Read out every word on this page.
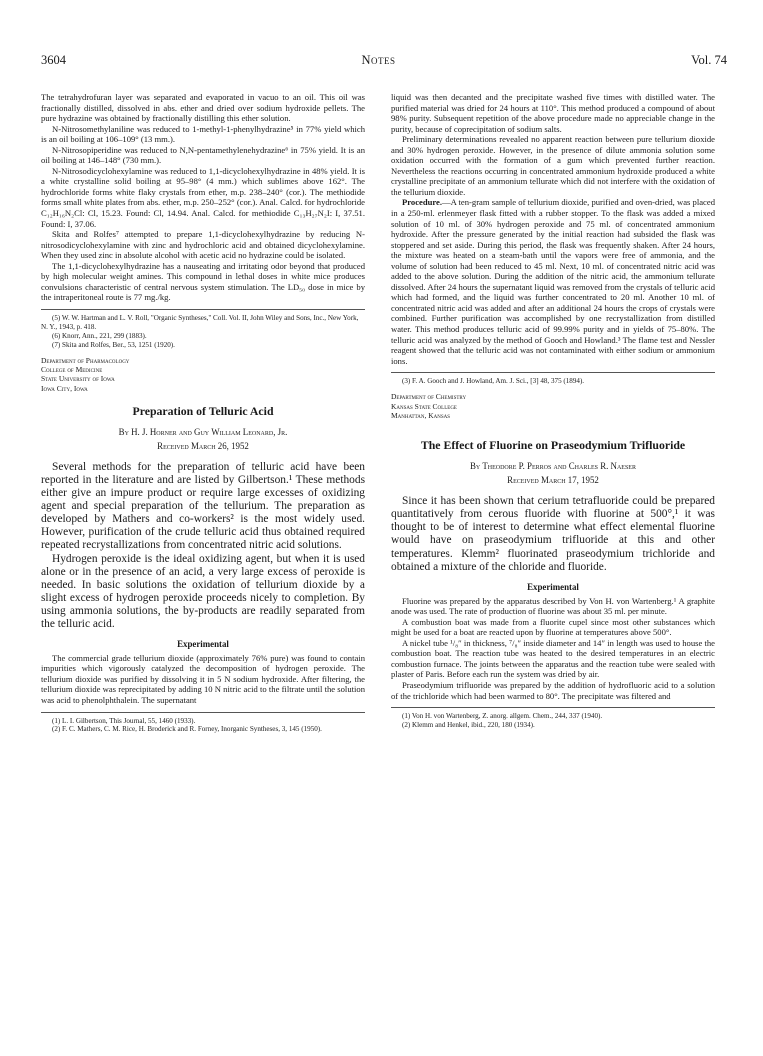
3604	Notes	Vol. 74

The tetrahydrofuran layer was separated and evaporated in vacuo to an oil. This oil was fractionally distilled, dissolved in abs. ether and dried over sodium hydroxide pellets. The pure hydrazine was obtained by fractionally distilling this ether solution.

N-Nitrosomethylaniline was reduced to 1-methyl-1-phenylhydrazine⁵ in 77% yield which is an oil boiling at 106–109° (13 mm.).

N-Nitrosopiperidine was reduced to N,N-pentamethylenehydrazine⁶ in 75% yield. It is an oil boiling at 146–148° (730 mm.).

N-Nitrosodicyclohexylamine was reduced to 1,1-dicyclohexylhydrazine in 48% yield. It is a white crystalline solid boiling at 95–98° (4 mm.) which sublimes above 162°. The hydrochloride forms white flaky crystals from ether, m.p. 238–240° (cor.). The methiodide forms small white plates from abs. ether, m.p. 250–252° (cor.). Anal. Calcd. for hydrochloride C₁₂H₁₆N₂Cl: Cl, 15.23. Found: Cl, 14.94. Anal. Calcd. for methiodide C₁₃H₂₇N₂I: I, 37.51. Found: I, 37.06.

Skita and Rolfes⁷ attempted to prepare 1,1-dicyclohexylhydrazine by reducing N-nitrosodicyclohexylamine with zinc and hydrochloric acid and obtained dicyclohexylamine. When they used zinc in absolute alcohol with acetic acid no hydrazine could be isolated.

The 1,1-dicyclohexylhydrazine has a nauseating and irritating odor beyond that produced by high molecular weight amines. This compound in lethal doses in white mice produces convulsions characteristic of central nervous system stimulation. The LD₅₀ dose in mice by the intraperitoneal route is 77 mg./kg.

(5) W. W. Hartman and L. V. Roll, "Organic Syntheses," Coll. Vol. II, John Wiley and Sons, Inc., New York, N. Y., 1943, p. 418.

(6) Knorr, Ann., 221, 299 (1883).

(7) Skita and Rolfes, Ber., 53, 1251 (1920).

Department of Pharmacology
College of Medicine
State University of Iowa
Iowa City, Iowa
Preparation of Telluric Acid
By H. J. Horner and Guy William Leonard, Jr.
Received March 26, 1952

Several methods for the preparation of telluric acid have been reported in the literature and are listed by Gilbertson.¹ These methods either give an impure product or require large excesses of oxidizing agent and special preparation of the tellurium. The preparation as developed by Mathers and co-workers² is the most widely used. However, purification of the crude telluric acid thus obtained required repeated recrystallizations from concentrated nitric acid solutions.

Hydrogen peroxide is the ideal oxidizing agent, but when it is used alone or in the presence of an acid, a very large excess of peroxide is needed. In basic solutions the oxidation of tellurium dioxide by a slight excess of hydrogen peroxide proceeds nicely to completion. By using ammonia solutions, the by-products are readily separated from the telluric acid.

Experimental

The commercial grade tellurium dioxide (approximately 76% pure) was found to contain impurities which vigorously catalyzed the decomposition of hydrogen peroxide. The tellurium dioxide was purified by dissolving it in 5 N sodium hydroxide. After filtering, the tellurium dioxide was reprecipitated by adding 10 N nitric acid to the filtrate until the solution was acid to phenolphthalein. The supernatant

(1) L. I. Gilbertson, This Journal, 55, 1460 (1933).

(2) F. C. Mathers, C. M. Rice, H. Broderick and R. Forney, Inorganic Syntheses, 3, 145 (1950).

liquid was then decanted and the precipitate washed five times with distilled water. The purified material was dried for 24 hours at 110°. This method produced a compound of about 98% purity. Subsequent repetition of the above procedure made no appreciable change in the purity, because of coprecipitation of sodium salts.

Preliminary determinations revealed no apparent reaction between pure tellurium dioxide and 30% hydrogen peroxide. However, in the presence of dilute ammonia solution some oxidation occurred with the formation of a gum which prevented further reaction. Nevertheless the reactions occurring in concentrated ammonium hydroxide produced a white crystalline precipitate of an ammonium tellurate which did not interfere with the oxidation of the tellurium dioxide.

Procedure.—A ten-gram sample of tellurium dioxide, purified and oven-dried, was placed in a 250-ml. erlenmeyer flask fitted with a rubber stopper. To the flask was added a mixed solution of 10 ml. of 30% hydrogen peroxide and 75 ml. of concentrated ammonium hydroxide. After the pressure generated by the initial reaction had subsided the flask was stoppered and set aside. During this period, the flask was frequently shaken. After 24 hours, the mixture was heated on a steam-bath until the vapors were free of ammonia, and the volume of solution had been reduced to 45 ml. Next, 10 ml. of concentrated nitric acid was added to the above solution. During the addition of the nitric acid, the ammonium tellurate dissolved. After 24 hours the supernatant liquid was removed from the crystals of telluric acid which had formed, and the liquid was further concentrated to 20 ml. Another 10 ml. of concentrated nitric acid was added and after an additional 24 hours the crops of crystals were combined. Further purification was accomplished by one recrystallization from distilled water. This method produces telluric acid of 99.99% purity and in yields of 75–80%. The telluric acid was analyzed by the method of Gooch and Howland.³ The flame test and Nessler reagent showed that the telluric acid was not contaminated with either sodium or ammonium ions.

(3) F. A. Gooch and J. Howland, Am. J. Sci., [3] 48, 375 (1894).

Department of Chemistry
Kansas State College
Manhattan, Kansas
The Effect of Fluorine on Praseodymium Trifluoride
By Theodore P. Perros and Charles R. Naeser
Received March 17, 1952

Since it has been shown that cerium tetrafluoride could be prepared quantitatively from cerous fluoride with fluorine at 500°,¹ it was thought to be of interest to determine what effect elemental fluorine would have on praseodymium trifluoride at this and other temperatures. Klemm² fluorinated praseodymium trichloride and obtained a mixture of the chloride and fluoride.

Experimental

Fluorine was prepared by the apparatus described by Von H. von Wartenberg.¹ A graphite anode was used. The rate of production of fluorine was about 35 ml. per minute.

A combustion boat was made from a fluorite cupel since most other substances which might be used for a boat are reacted upon by fluorine at temperatures above 500°.

A nickel tube ¹/₈″ in thickness, ⁷/₈″ inside diameter and 14″ in length was used to house the combustion boat. The reaction tube was heated to the desired temperatures in an electric combustion furnace. The joints between the apparatus and the reaction tube were sealed with plaster of Paris. Before each run the system was dried by air.

Praseodymium trifluoride was prepared by the addition of hydrofluoric acid to a solution of the trichloride which had been warmed to 80°. The precipitate was filtered and

(1) Von H. von Wartenberg, Z. anorg. allgem. Chem., 244, 337 (1940).

(2) Klemm and Henkel, ibid., 220, 180 (1934).
